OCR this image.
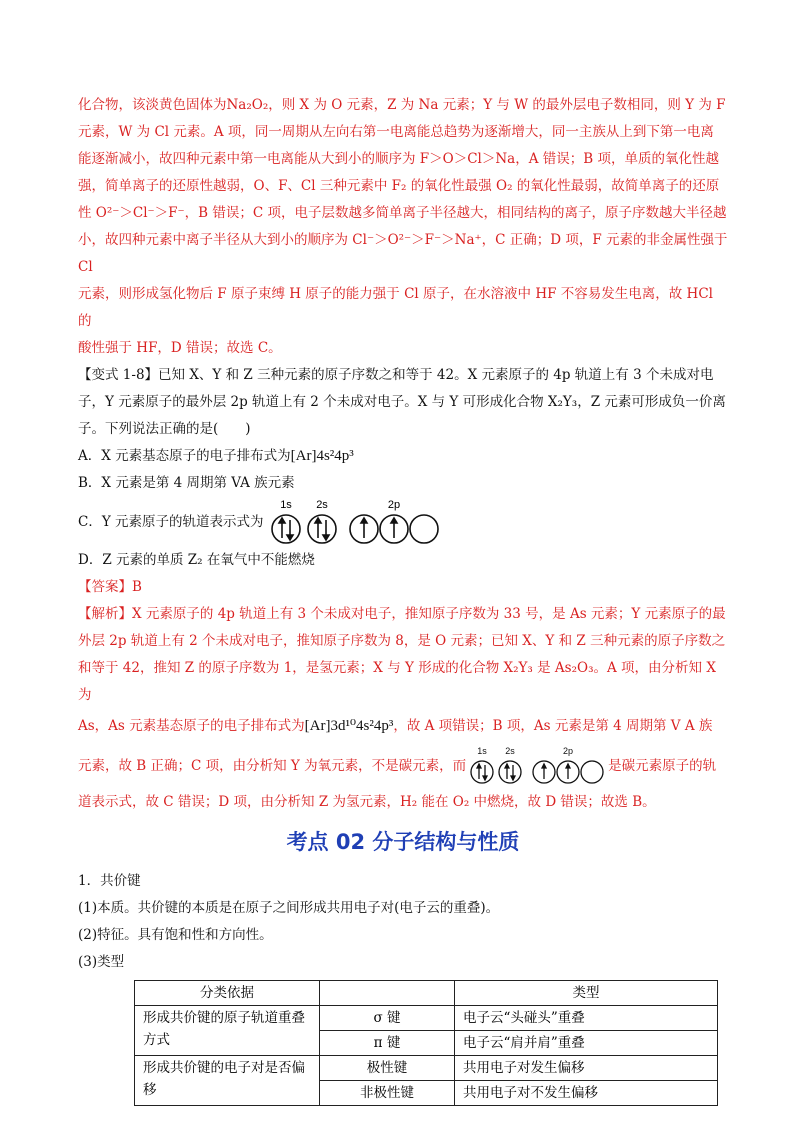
化合物，该淡黄色固体为Na₂O₂，则 X 为 O 元素，Z 为 Na 元素；Y 与 W 的最外层电子数相同，则 Y 为 F

元素，W 为 Cl 元素。A 项，同一周期从左向右第一电离能总趋势为逐渐增大，同一主族从上到下第一电离

能逐渐减小，故四种元素中第一电离能从大到小的顺序为 F＞O＞Cl＞Na，A 错误；B 项，单质的氧化性越

强，简单离子的还原性越弱，O、F、Cl 三种元素中 F₂ 的氧化性最强 O₂ 的氧化性最弱，故简单离子的还原

性 O²⁻＞Cl⁻＞F⁻，B 错误；C 项，电子层数越多简单离子半径越大，相同结构的离子，原子序数越大半径越

小，故四种元素中离子半径从大到小的顺序为 Cl⁻＞O²⁻＞F⁻＞Na⁺，C 正确；D 项，F 元素的非金属性强于 Cl

元素，则形成氢化物后 F 原子束缚 H 原子的能力强于 Cl 原子，在水溶液中 HF 不容易发生电离，故 HCl 的

酸性强于 HF，D 错误；故选 C。

【变式 1-8】已知 X、Y 和 Z 三种元素的原子序数之和等于 42。X 元素原子的 4p 轨道上有 3 个未成对电

子，Y 元素原子的最外层 2p 轨道上有 2 个未成对电子。X 与 Y 可形成化合物 X₂Y₃，Z 元素可形成负一价离

子。下列说法正确的是(　　)

A．X 元素基态原子的电子排布式为[Ar]4s²4p³

B．X 元素是第 4 周期第 VA 族元素

C．Y 元素原子的轨道表示式为
1s 2s	2p

D．Z 元素的单质 Z₂ 在氧气中不能燃烧

【答案】B

【解析】X 元素原子的 4p 轨道上有 3 个未成对电子，推知原子序数为 33 号，是 As 元素；Y 元素原子的最

外层 2p 轨道上有 2 个未成对电子，推知原子序数为 8，是 O 元素；已知 X、Y 和 Z 三种元素的原子序数之

和等于 42，推知 Z 的原子序数为 1，是氢元素；X 与 Y 形成的化合物 X₂Y₃ 是 As₂O₃。A 项，由分析知 X 为

As，As 元素基态原子的电子排布式为[Ar]3d¹⁰4s²4p³，故 A 项错误；B 项，As 元素是第 4 周期第 V A 族

元素，故 B 正确；C 项，由分析知 Y 为氧元素，不是碳元素，而
1s 2s	2p
是碳元素原子的轨

道表示式，故 C 错误；D 项，由分析知 Z 为氢元素，H₂ 能在 O₂ 中燃烧，故 D 错误；故选 B。

考点 02 分子结构与性质

1．共价键

(1)本质。共价键的本质是在原子之间形成共用电子对(电子云的重叠)。

(2)特征。具有饱和性和方向性。

(3)类型

分类依据		类型
形成共价键的原子轨道重叠方式	σ 键	电子云“头碰头”重叠
	π 键	电子云“肩并肩”重叠
形成共价键的电子对是否偏移	极性键	共用电子对发生偏移
	非极性键	共用电子对不发生偏移
